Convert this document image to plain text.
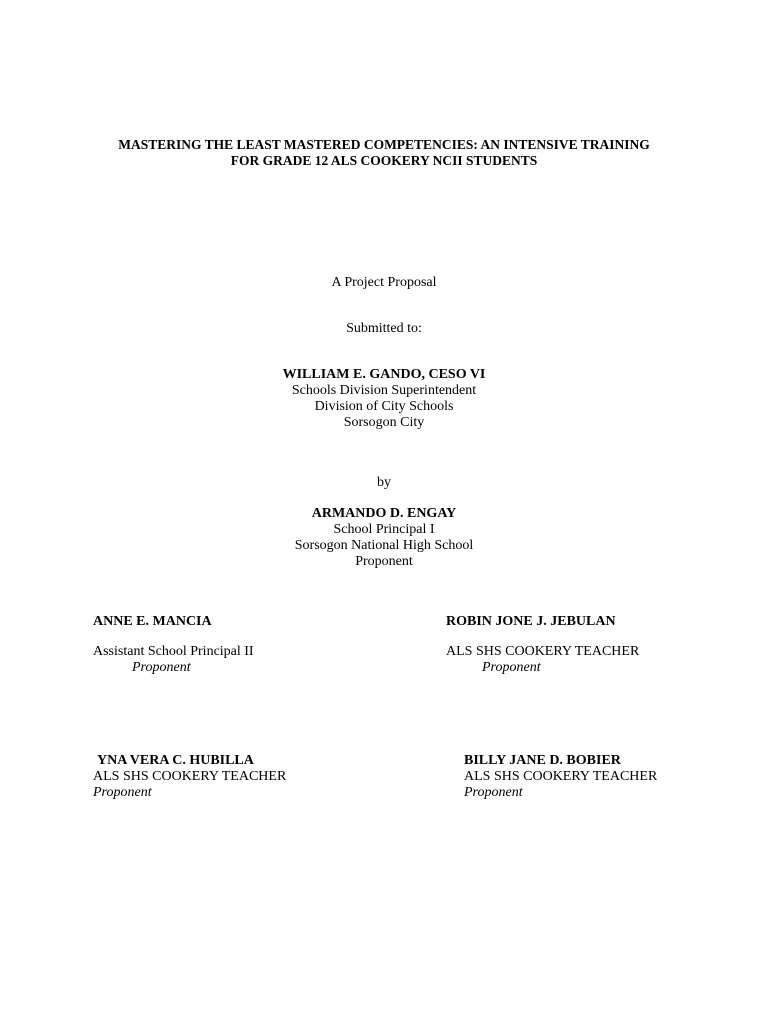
MASTERING THE LEAST MASTERED COMPETENCIES: AN INTENSIVE TRAINING
FOR GRADE 12 ALS COOKERY NCII STUDENTS
A Project Proposal
Submitted to:
WILLIAM E. GANDO, CESO VI
Schools Division Superintendent
Division of City Schools
Sorsogon City
by
ARMANDO D. ENGAY
School Principal I
Sorsogon National High School
Proponent
ANNE E. MANCIA
Assistant School Principal II
Proponent
ROBIN JONE J. JEBULAN
ALS SHS COOKERY TEACHER
Proponent
YNA VERA C. HUBILLA
ALS SHS COOKERY TEACHER
Proponent
BILLY JANE D. BOBIER
ALS SHS COOKERY TEACHER
Proponent
